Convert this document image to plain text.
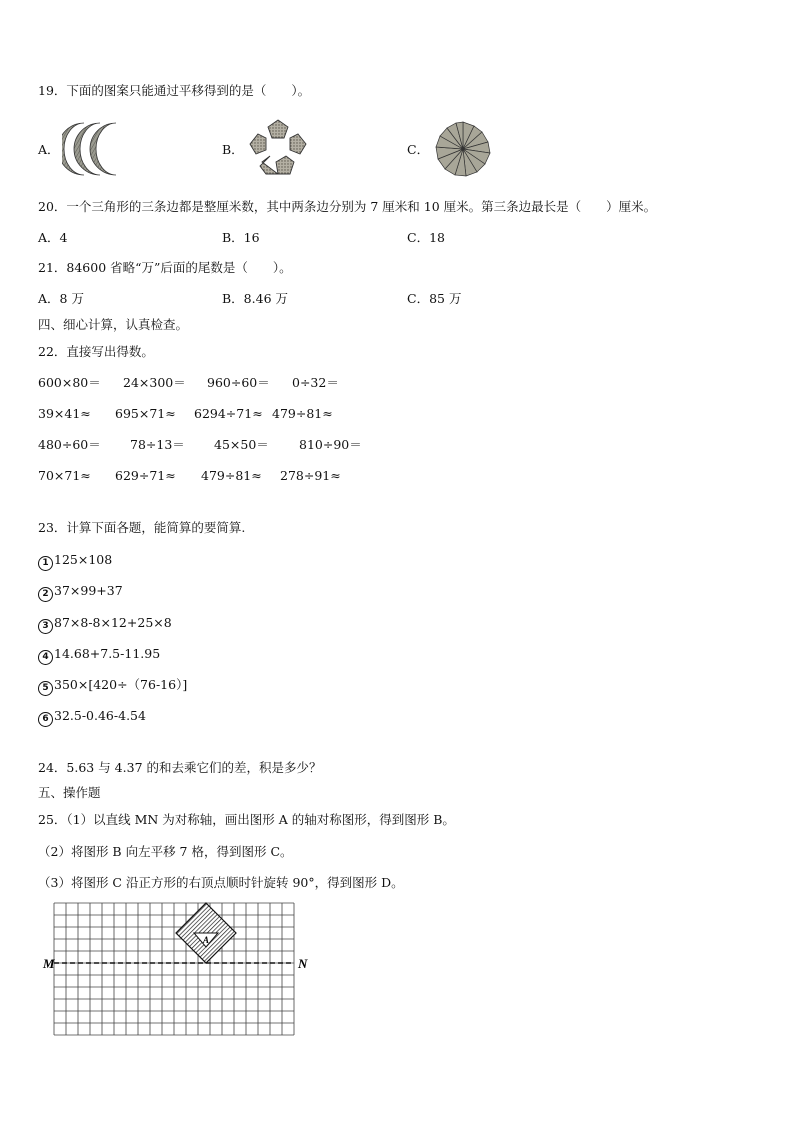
19．下面的图案只能通过平移得到的是（　　）。
A．	B．	C．
20．一个三角形的三条边都是整厘米数，其中两条边分别为 7 厘米和 10 厘米。第三条边最长是（　　）厘米。
A．4	B．16	C．18
21．84600 省略“万”后面的尾数是（　　）。
A．8 万	B．8.46 万	C．85 万
四、细心计算，认真检查。
22．直接写出得数。
600×80＝ 24×300＝ 960÷60＝ 0÷32＝
39×41≈ 695×71≈ 6294÷71≈ 479÷81≈
480÷60＝ 78÷13＝ 45×50＝ 810÷90＝
70×71≈ 629÷71≈ 479÷81≈ 278÷91≈
23．计算下面各题，能简算的要简算.
1 125×108
2 37×99+37
3 87×8-8×12+25×8
4 14.68+7.5-11.95
5 350×[420÷（76-16）]
6 32.5-0.46-4.54
24．5.63 与 4.37 的和去乘它们的差，积是多少？
五、操作题
25．（1）以直线 MN 为对称轴，画出图形 A 的轴对称图形，得到图形 B。
（2）将图形 B 向左平移 7 格，得到图形 C。
（3）将图形 C 沿正方形的右顶点顺时针旋转 90°，得到图形 D。
A
M	N
